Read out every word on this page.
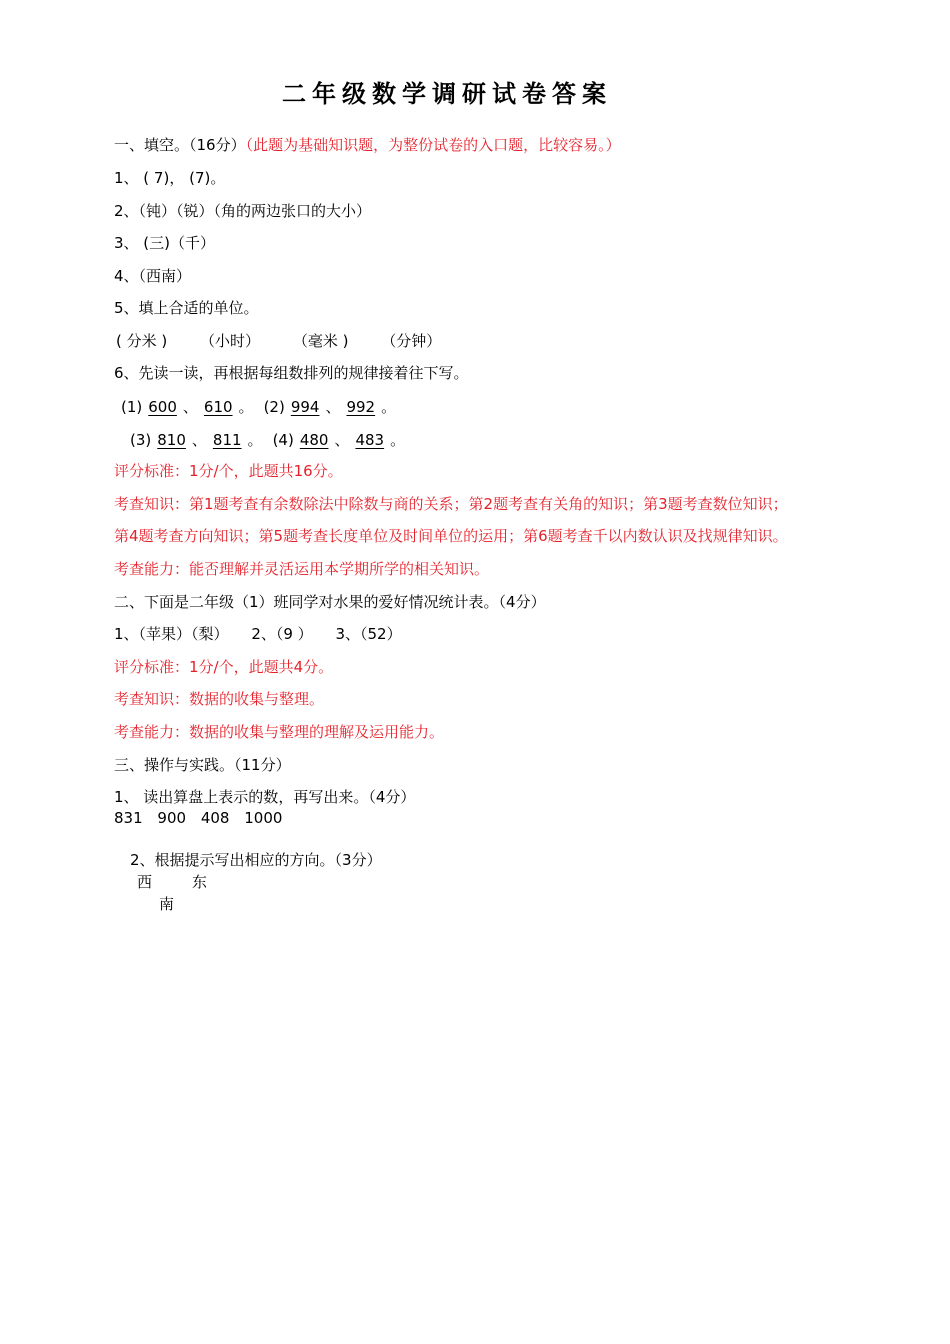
二年级数学调研试卷答案
一、填空。（16分）（此题为基础知识题，为整份试卷的入口题，比较容易。）
1、 ( 7)， (7)。
2、（钝）（锐）（角的两边张口的大小）
3、 (三)（千）
4、（西南）
5、填上合适的单位。
( 分米 ) （小时） （毫米 ) （分钟）
6、先读一读，再根据每组数排列的规律接着往下写。
(1) 600 、 610 。 (2) 994 、 992 。
(3) 810 、 811 。 (4) 480 、 483 。
评分标准：1分/个，此题共16分。
考查知识：第1题考查有余数除法中除数与商的关系；第2题考查有关角的知识；第3题考查数位知识；
第4题考查方向知识；第5题考查长度单位及时间单位的运用；第6题考查千以内数认识及找规律知识。
考查能力：能否理解并灵活运用本学期所学的相关知识。
二、下面是二年级（1）班同学对水果的爱好情况统计表。（4分）
1、（苹果）（梨） 2、（9 ） 3、（52）
评分标准：1分/个，此题共4分。
考查知识：数据的收集与整理。
考查能力：数据的收集与整理的理解及运用能力。
三、操作与实践。（11分）
1、 读出算盘上表示的数，再写出来。（4分）
831 900 408 1000
2、根据提示写出相应的方向。（3分）
西	东
南
